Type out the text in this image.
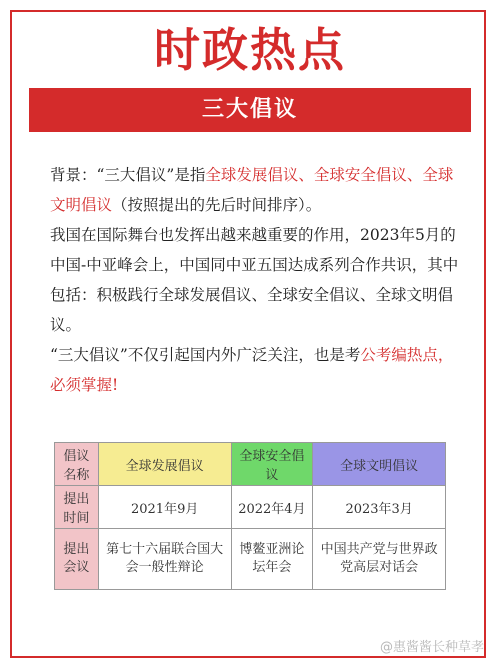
时政热点
三大倡议

背景：“三大倡议”是指全球发展倡议、全球安全倡议、全球文明倡议（按照提出的先后时间排序）。

我国在国际舞台也发挥出越来越重要的作用，2023年5月的中国-中亚峰会上，中国同中亚五国达成系列合作共识，其中包括：积极践行全球发展倡议、全球安全倡议、全球文明倡议。

“三大倡议”不仅引起国内外广泛关注，也是考公考编热点，必须掌握!

倡议名称	全球发展倡议	全球安全倡议	全球文明倡议
提出时间	2021年9月	2022年4月	2023年3月
提出会议	第七十六届联合国大会一般性辩论	博鳌亚洲论坛年会	中国共产党与世界政党高层对话会
@惠酱酱长种草孝
